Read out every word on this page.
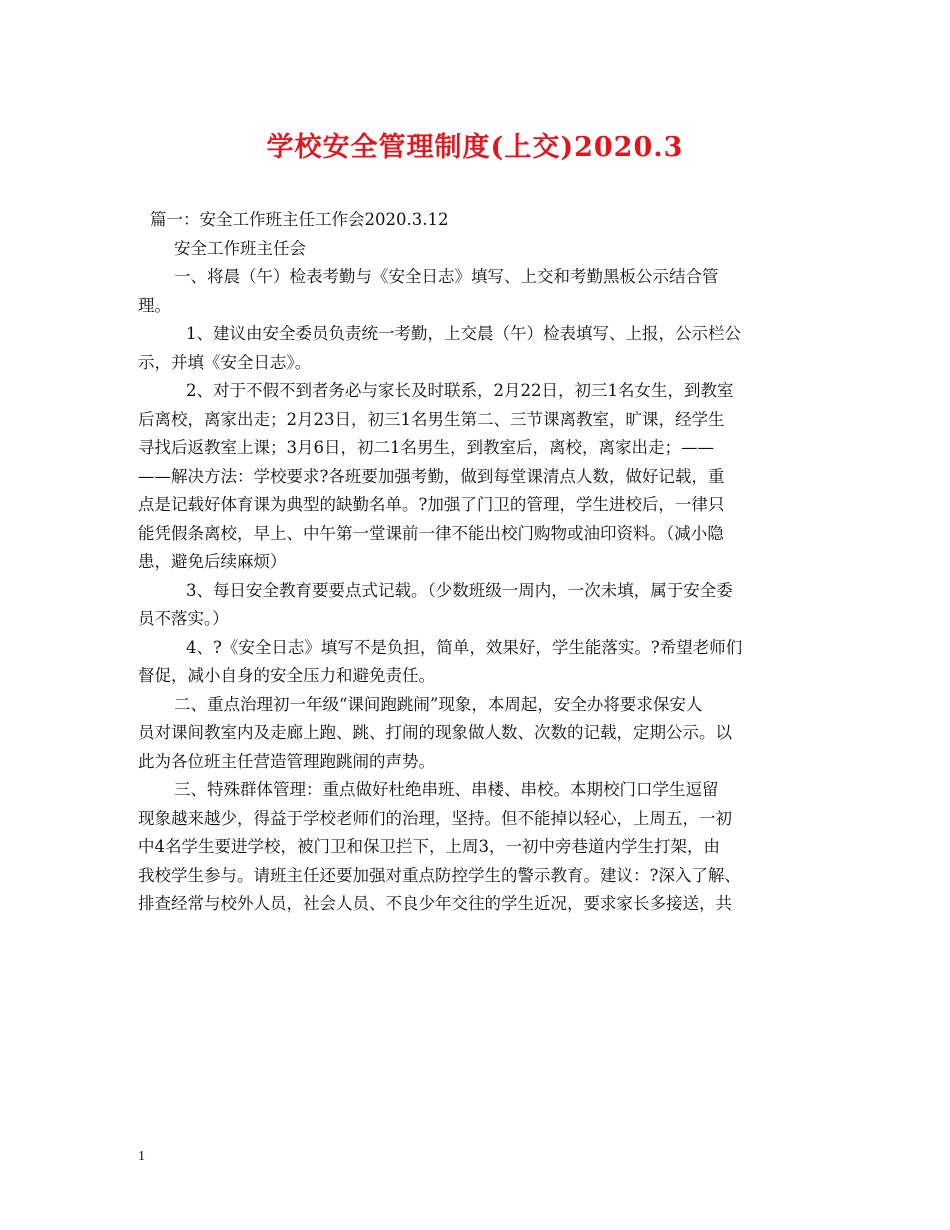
学校安全管理制度(上交)2020.3
篇一：安全工作班主任工作会2020.3.12
安全工作班主任会
一、将晨（午）检表考勤与《安全日志》填写、上交和考勤黑板公示结合管
理。
1、建议由安全委员负责统一考勤，上交晨（午）检表填写、上报，公示栏公
示，并填《安全日志》。
2、对于不假不到者务必与家长及时联系，2月22日，初三1名女生，到教室
后离校，离家出走；2月23日，初三1名男生第二、三节课离教室，旷课，经学生
寻找后返教室上课；3月6日，初二1名男生，到教室后，离校，离家出走；——
——解决方法：学校要求?各班要加强考勤，做到每堂课清点人数，做好记载，重
点是记载好体育课为典型的缺勤名单。?加强了门卫的管理，学生进校后，一律只
能凭假条离校，早上、中午第一堂课前一律不能出校门购物或油印资料。（减小隐
患，避免后续麻烦）
3、每日安全教育要要点式记载。（少数班级一周内，一次未填，属于安全委
员不落实。）
4、?《安全日志》填写不是负担，简单，效果好，学生能落实。?希望老师们
督促，减小自身的安全压力和避免责任。
二、重点治理初一年级“课间跑跳闹”现象，本周起，安全办将要求保安人
员对课间教室内及走廊上跑、跳、打闹的现象做人数、次数的记载，定期公示。以
此为各位班主任营造管理跑跳闹的声势。
三、特殊群体管理：重点做好杜绝串班、串楼、串校。本期校门口学生逗留
现象越来越少，得益于学校老师们的治理，坚持。但不能掉以轻心，上周五，一初
中4名学生要进学校，被门卫和保卫拦下，上周3，一初中旁巷道内学生打架，由
我校学生参与。请班主任还要加强对重点防控学生的警示教育。建议：?深入了解、
排查经常与校外人员，社会人员、不良少年交往的学生近况，要求家长多接送，共
1
